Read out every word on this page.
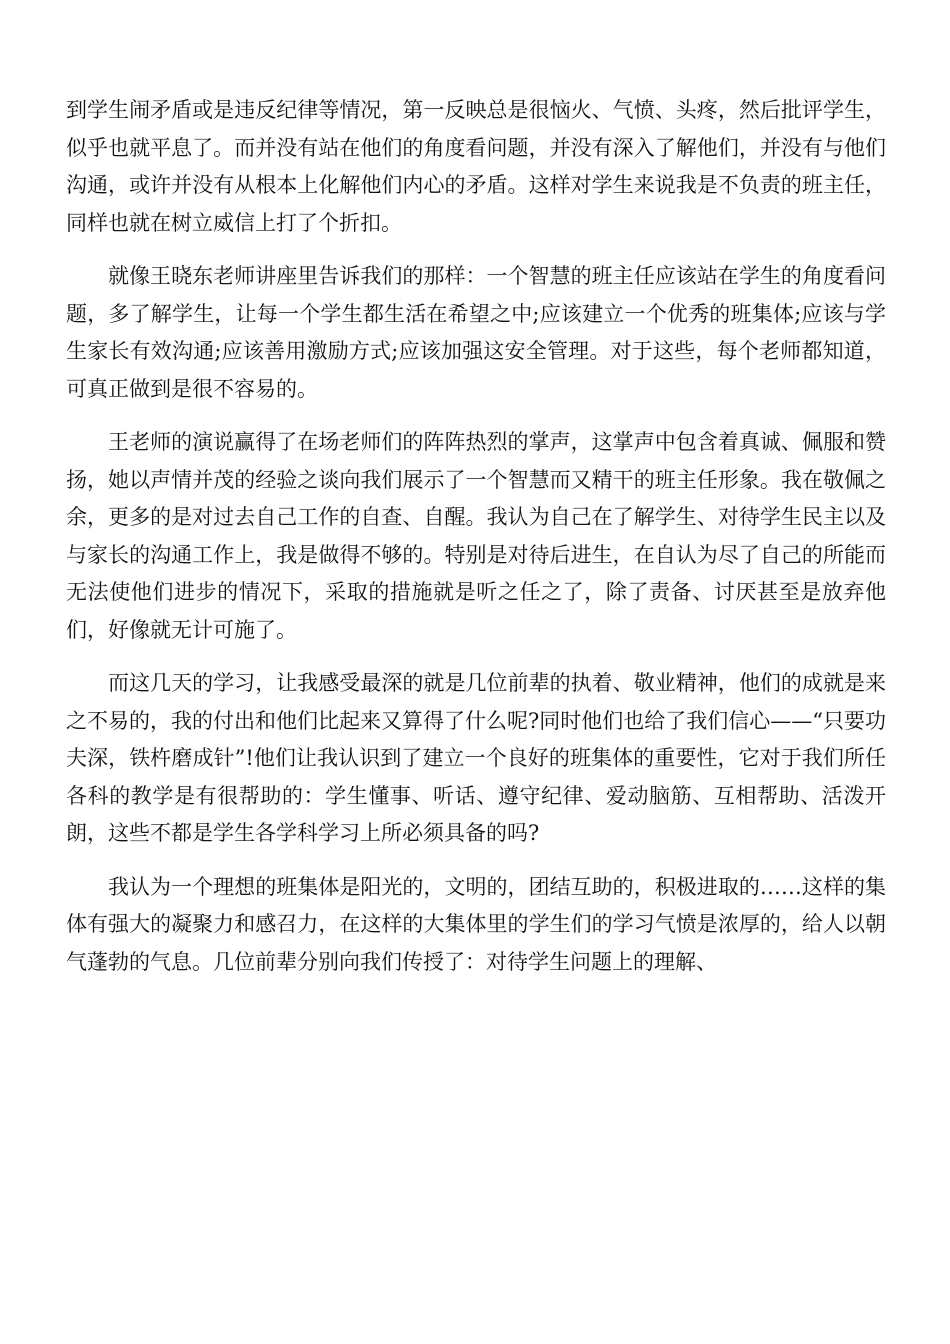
到学生闹矛盾或是违反纪律等情况，第一反映总是很恼火、气愤、头疼，然后批评学生，似乎也就平息了。而并没有站在他们的角度看问题，并没有深入了解他们，并没有与他们沟通，或许并没有从根本上化解他们内心的矛盾。这样对学生来说我是不负责的班主任，同样也就在树立威信上打了个折扣。

就像王晓东老师讲座里告诉我们的那样：一个智慧的班主任应该站在学生的角度看问题，多了解学生，让每一个学生都生活在希望之中;应该建立一个优秀的班集体;应该与学生家长有效沟通;应该善用激励方式;应该加强这安全管理。对于这些，每个老师都知道，可真正做到是很不容易的。

王老师的演说赢得了在场老师们的阵阵热烈的掌声，这掌声中包含着真诚、佩服和赞扬，她以声情并茂的经验之谈向我们展示了一个智慧而又精干的班主任形象。我在敬佩之余，更多的是对过去自己工作的自查、自醒。我认为自己在了解学生、对待学生民主以及与家长的沟通工作上，我是做得不够的。特别是对待后进生，在自认为尽了自己的所能而无法使他们进步的情况下，采取的措施就是听之任之了，除了责备、讨厌甚至是放弃他们，好像就无计可施了。

而这几天的学习，让我感受最深的就是几位前辈的执着、敬业精神，他们的成就是来之不易的，我的付出和他们比起来又算得了什么呢?同时他们也给了我们信心——“只要功夫深，铁杵磨成针”!他们让我认识到了建立一个良好的班集体的重要性，它对于我们所任各科的教学是有很帮助的：学生懂事、听话、遵守纪律、爱动脑筋、互相帮助、活泼开朗，这些不都是学生各学科学习上所必须具备的吗?

我认为一个理想的班集体是阳光的，文明的，团结互助的，积极进取的……这样的集体有强大的凝聚力和感召力，在这样的大集体里的学生们的学习气愤是浓厚的，给人以朝气蓬勃的气息。几位前辈分别向我们传授了：对待学生问题上的理解、
